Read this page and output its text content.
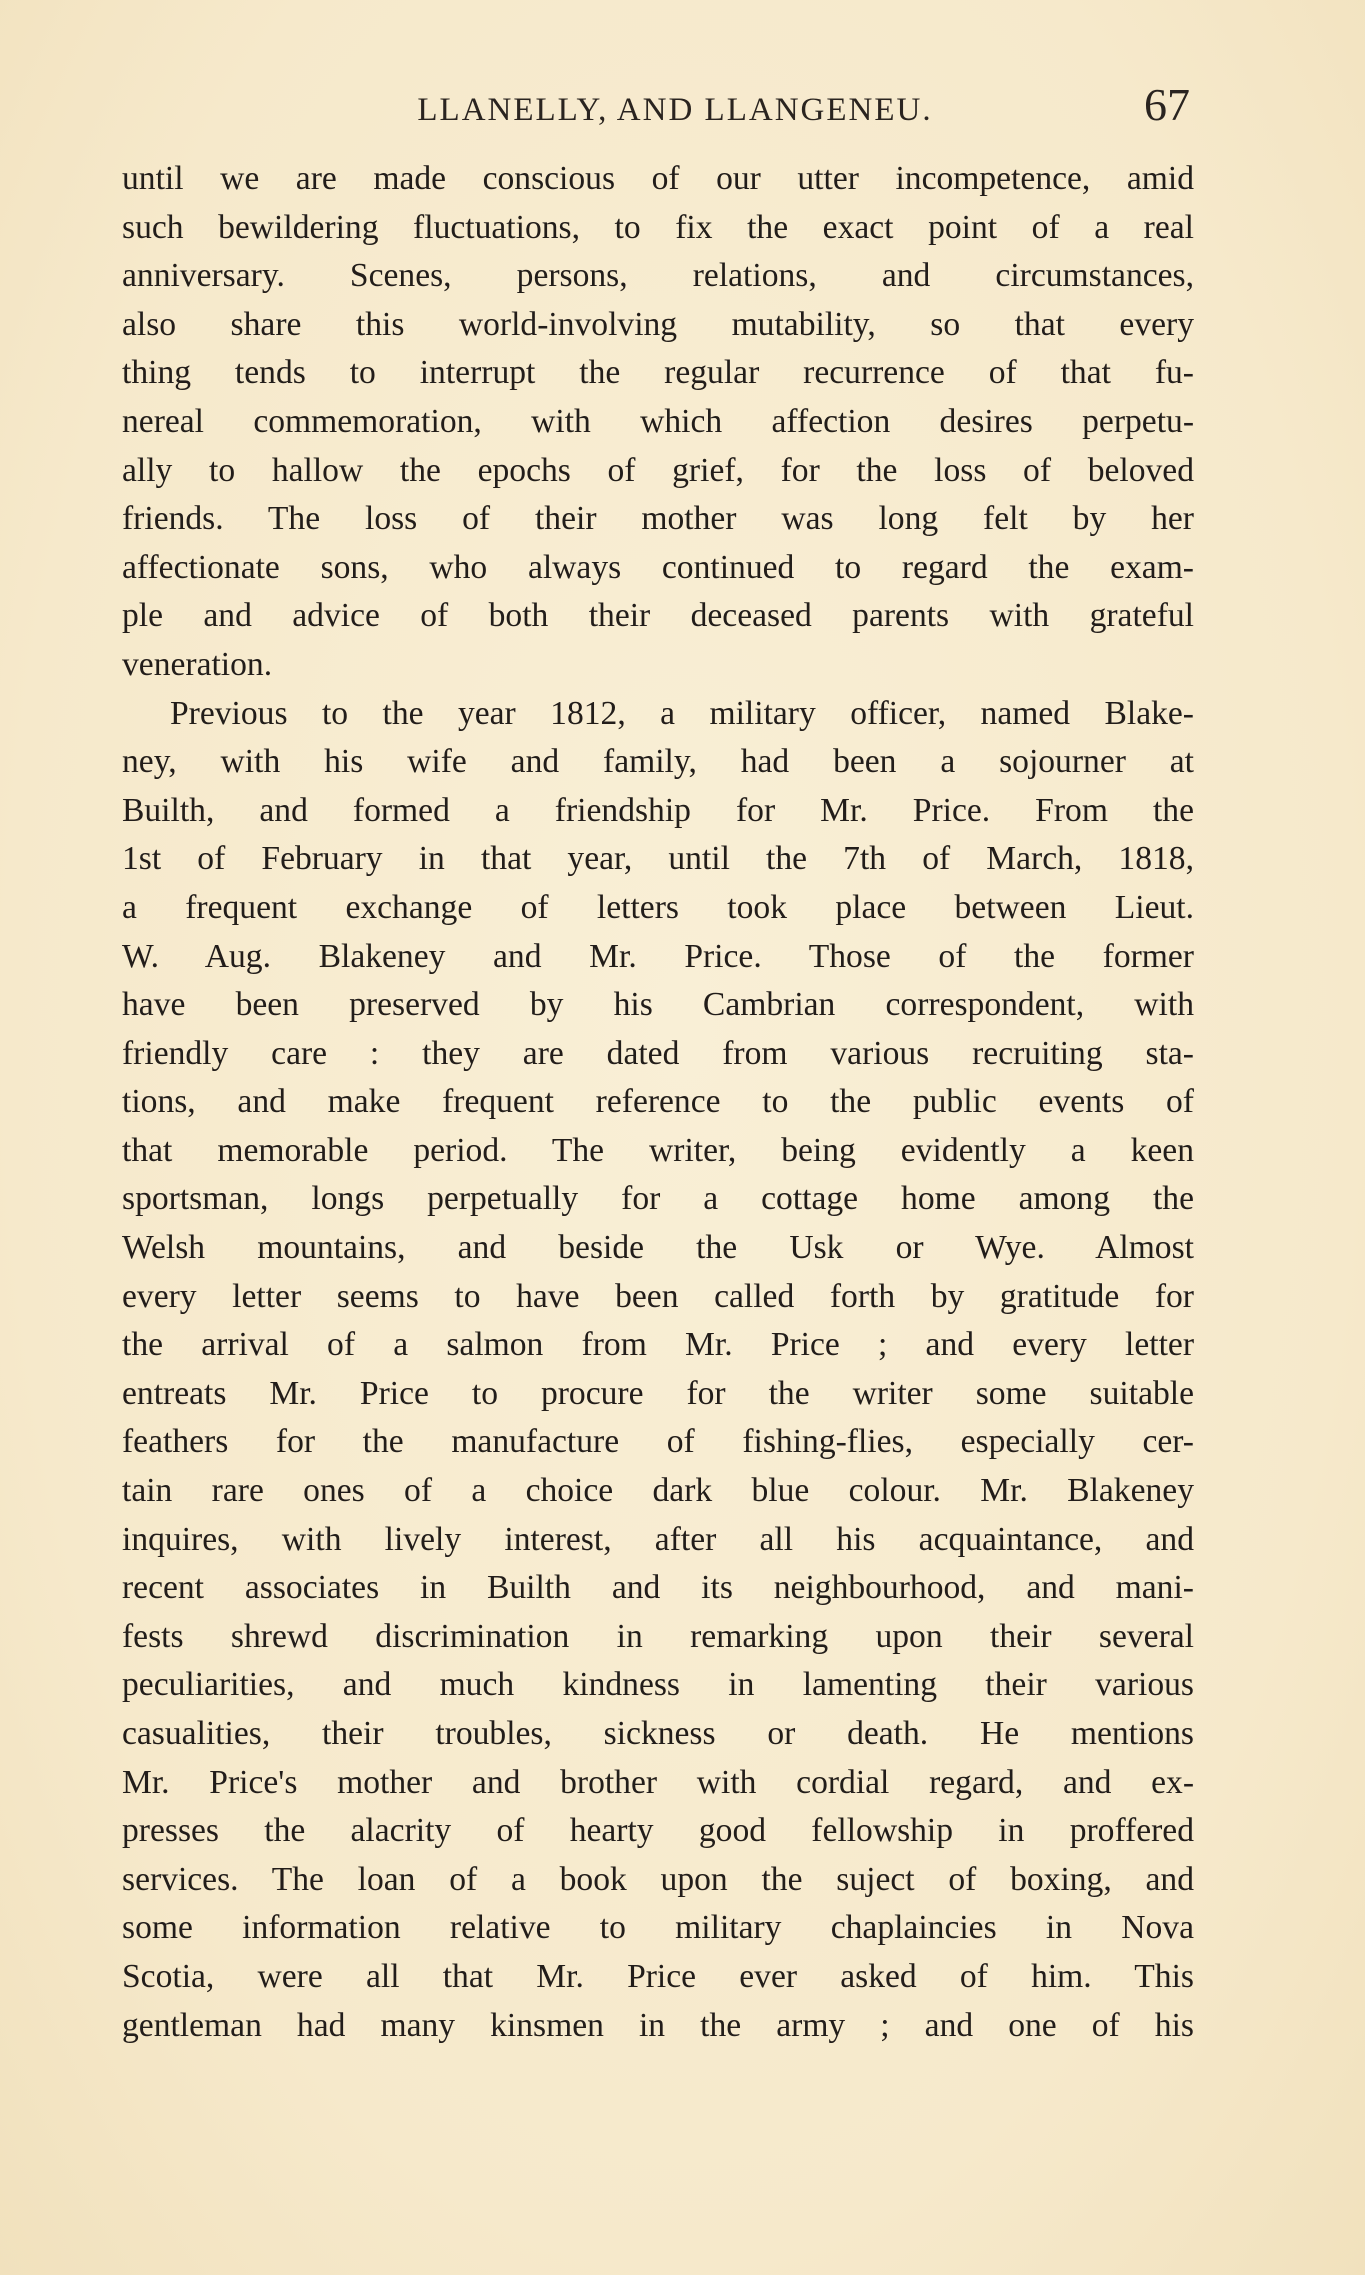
LLANELLY, AND LLANGENEU.	67
until we are made conscious of our utter incompetence, amid
such bewildering fluctuations, to fix the exact point of a real
anniversary. Scenes, persons, relations, and circumstances,
also share this world-involving mutability, so that every
thing tends to interrupt the regular recurrence of that fu-
nereal commemoration, with which affection desires perpetu-
ally to hallow the epochs of grief, for the loss of beloved
friends. The loss of their mother was long felt by her
affectionate sons, who always continued to regard the exam-
ple and advice of both their deceased parents with grateful
veneration.
Previous to the year 1812, a military officer, named Blake-
ney, with his wife and family, had been a sojourner at
Builth, and formed a friendship for Mr. Price. From the
1st of February in that year, until the 7th of March, 1818,
a frequent exchange of letters took place between Lieut.
W. Aug. Blakeney and Mr. Price. Those of the former
have been preserved by his Cambrian correspondent, with
friendly care : they are dated from various recruiting sta-
tions, and make frequent reference to the public events of
that memorable period. The writer, being evidently a keen
sportsman, longs perpetually for a cottage home among the
Welsh mountains, and beside the Usk or Wye. Almost
every letter seems to have been called forth by gratitude for
the arrival of a salmon from Mr. Price ; and every letter
entreats Mr. Price to procure for the writer some suitable
feathers for the manufacture of fishing-flies, especially cer-
tain rare ones of a choice dark blue colour. Mr. Blakeney
inquires, with lively interest, after all his acquaintance, and
recent associates in Builth and its neighbourhood, and mani-
fests shrewd discrimination in remarking upon their several
peculiarities, and much kindness in lamenting their various
casualities, their troubles, sickness or death. He mentions
Mr. Price's mother and brother with cordial regard, and ex-
presses the alacrity of hearty good fellowship in proffered
services. The loan of a book upon the suject of boxing, and
some information relative to military chaplaincies in Nova
Scotia, were all that Mr. Price ever asked of him. This
gentleman had many kinsmen in the army ; and one of his
